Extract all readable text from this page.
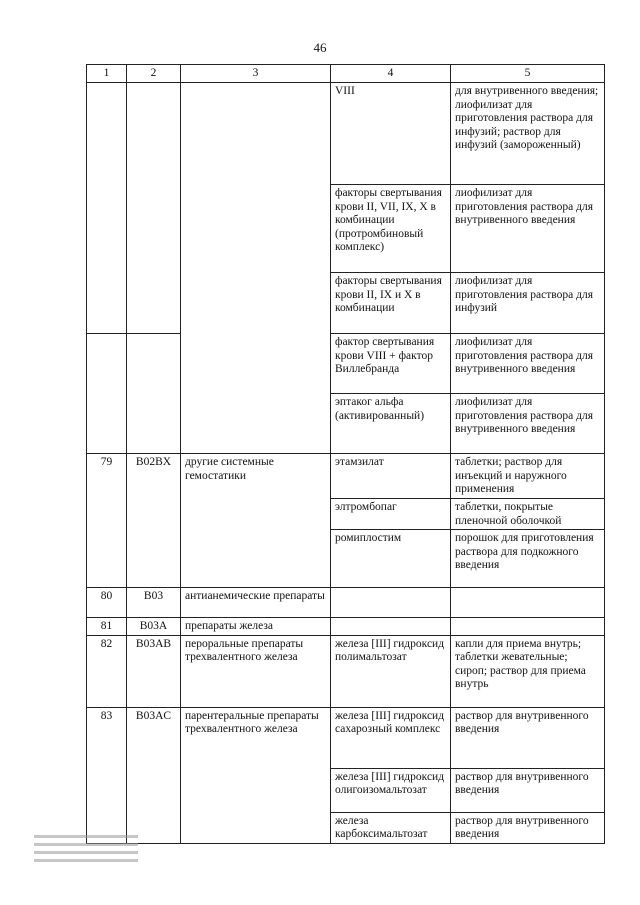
46
1	2	3	4	5
			VIII	для внутривенного введения; лиофилизат для приготовления раствора для инфузий; раствор для инфузий (замороженный)
			факторы свертывания крови II, VII, IX, X в комбинации (протромбиновый комплекс)	лиофилизат для приготовления раствора для внутривенного введения
			факторы свертывания крови II, IX и X в комбинации	лиофилизат для приготовления раствора для инфузий
			фактор свертывания крови VIII + фактор Виллебранда	лиофилизат для приготовления раствора для внутривенного введения
			эптаког альфа (активированный)	лиофилизат для приготовления раствора для внутривенного введения
79	B02BX	другие системные гемостатики	этамзилат	таблетки; раствор для инъекций и наружного применения
			элтромбопаг	таблетки, покрытые пленочной оболочкой
			ромиплостим	порошок для приготовления раствора для подкожного введения
80	B03	антианемические препараты		
81	B03A	препараты железа		
82	B03AB	пероральные препараты трехвалентного железа	железа [III] гидроксид полимальтозат	капли для приема внутрь; таблетки жевательные; сироп; раствор для приема внутрь
83	B03AC	парентеральные препараты трехвалентного железа	железа [III] гидроксид сахарозный комплекс	раствор для внутривенного введения
			железа [III] гидроксид олигоизомальтозат	раствор для внутривенного введения
			железа карбоксимальтозат	раствор для внутривенного введения
